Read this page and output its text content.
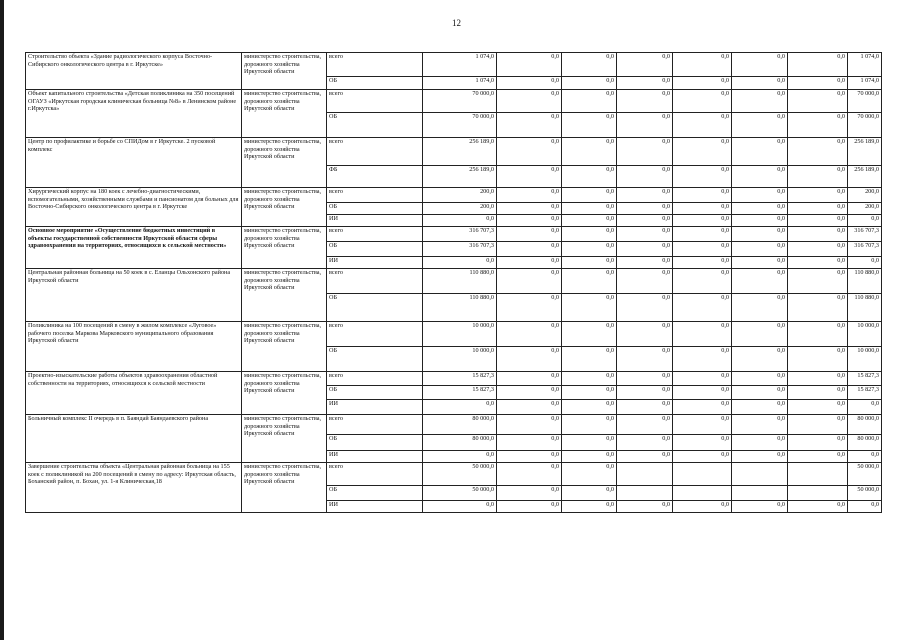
12
Строительство объекта «Здание радиологического корпуса Восточно-Сибирского онкологического центра в г. Иркутске»	министерство строительства, дорожного хозяйства Иркутской области	всего	1 074,0	0,0	0,0	0,0	0,0	0,0	0,0	1 074,0
		ОБ	1 074,0	0,0	0,0	0,0	0,0	0,0	0,0	1 074,0
Объект капитального строительства «Детская поликлиника на 350 посещений ОГАУЗ «Иркутская городская клиническая больница №8» в Ленинском районе г.Иркутска»	министерство строительства, дорожного хозяйства Иркутской области	всего	70 000,0	0,0	0,0	0,0	0,0	0,0	0,0	70 000,0
		ОБ	70 000,0	0,0	0,0	0,0	0,0	0,0	0,0	70 000,0
Центр по профилактике и борьбе со СПИДом в г Иркутске. 2 пусковой комплекс	министерство строительства, дорожного хозяйства Иркутской области	всего	256 189,0	0,0	0,0	0,0	0,0	0,0	0,0	256 189,0
		ФБ	256 189,0	0,0	0,0	0,0	0,0	0,0	0,0	256 189,0
Хирургический корпус на 180 коек с лечебно-диагностическими, вспомогательными, хозяйственными службами и пансионатом для больных для Восточно-Сибирского онкологического центра в г. Иркутске	министерство строительства, дорожного хозяйства Иркутской области	всего	200,0	0,0	0,0	0,0	0,0	0,0	0,0	200,0
		ОБ	200,0	0,0	0,0	0,0	0,0	0,0	0,0	200,0
		ИИ	0,0	0,0	0,0	0,0	0,0	0,0	0,0	0,0
Основное мероприятие «Осуществление бюджетных инвестиций в объекты государственной собственности Иркутской области сферы здравоохранения на территориях, относящихся к сельской местности»	министерство строительства, дорожного хозяйства Иркутской области	всего	316 707,3	0,0	0,0	0,0	0,0	0,0	0,0	316 707,3
		ОБ	316 707,3	0,0	0,0	0,0	0,0	0,0	0,0	316 707,3
		ИИ	0,0	0,0	0,0	0,0	0,0	0,0	0,0	0,0
Центральная районная больница на 50 коек в с. Еланцы Ольхонского района Иркутской области	министерство строительства, дорожного хозяйства Иркутской области	всего	110 880,0	0,0	0,0	0,0	0,0	0,0	0,0	110 880,0
		ОБ	110 880,0	0,0	0,0	0,0	0,0	0,0	0,0	110 880,0
Поликлиника на 100 посещений в смену в жилом комплексе «Луговое» рабочего поселка Маркова Марковского муниципального образования Иркутской области	министерство строительства, дорожного хозяйства Иркутской области	всего	10 000,0	0,0	0,0	0,0	0,0	0,0	0,0	10 000,0
		ОБ	10 000,0	0,0	0,0	0,0	0,0	0,0	0,0	10 000,0
Проектно-изыскательские работы объектов здравоохранения областной собственности на территориях, относящихся к сельской местности	министерство строительства, дорожного хозяйства Иркутской области	всего	15 827,3	0,0	0,0	0,0	0,0	0,0	0,0	15 827,3
		ОБ	15 827,3	0,0	0,0	0,0	0,0	0,0	0,0	15 827,3
		ИИ	0,0	0,0	0,0	0,0	0,0	0,0	0,0	0,0
Больничный комплекс II очередь в п. Баяндай Баяндаевского района	министерство строительства, дорожного хозяйства Иркутской области	всего	80 000,0	0,0	0,0	0,0	0,0	0,0	0,0	80 000,0
		ОБ	80 000,0	0,0	0,0	0,0	0,0	0,0	0,0	80 000,0
		ИИ	0,0	0,0	0,0	0,0	0,0	0,0	0,0	0,0
Завершение строительства объекта «Центральная районная больница на 155 коек с поликлиникой на 200 посещений в смену по адресу: Иркутская область, Боханский район, п. Бохан, ул. 1-я Клиническая,18	министерство строительства, дорожного хозяйства Иркутской области	всего	50 000,0	0,0	0,0					50 000,0
		ОБ	50 000,0	0,0	0,0					50 000,0
		ИИ	0,0	0,0	0,0	0,0	0,0	0,0	0,0	0,0
